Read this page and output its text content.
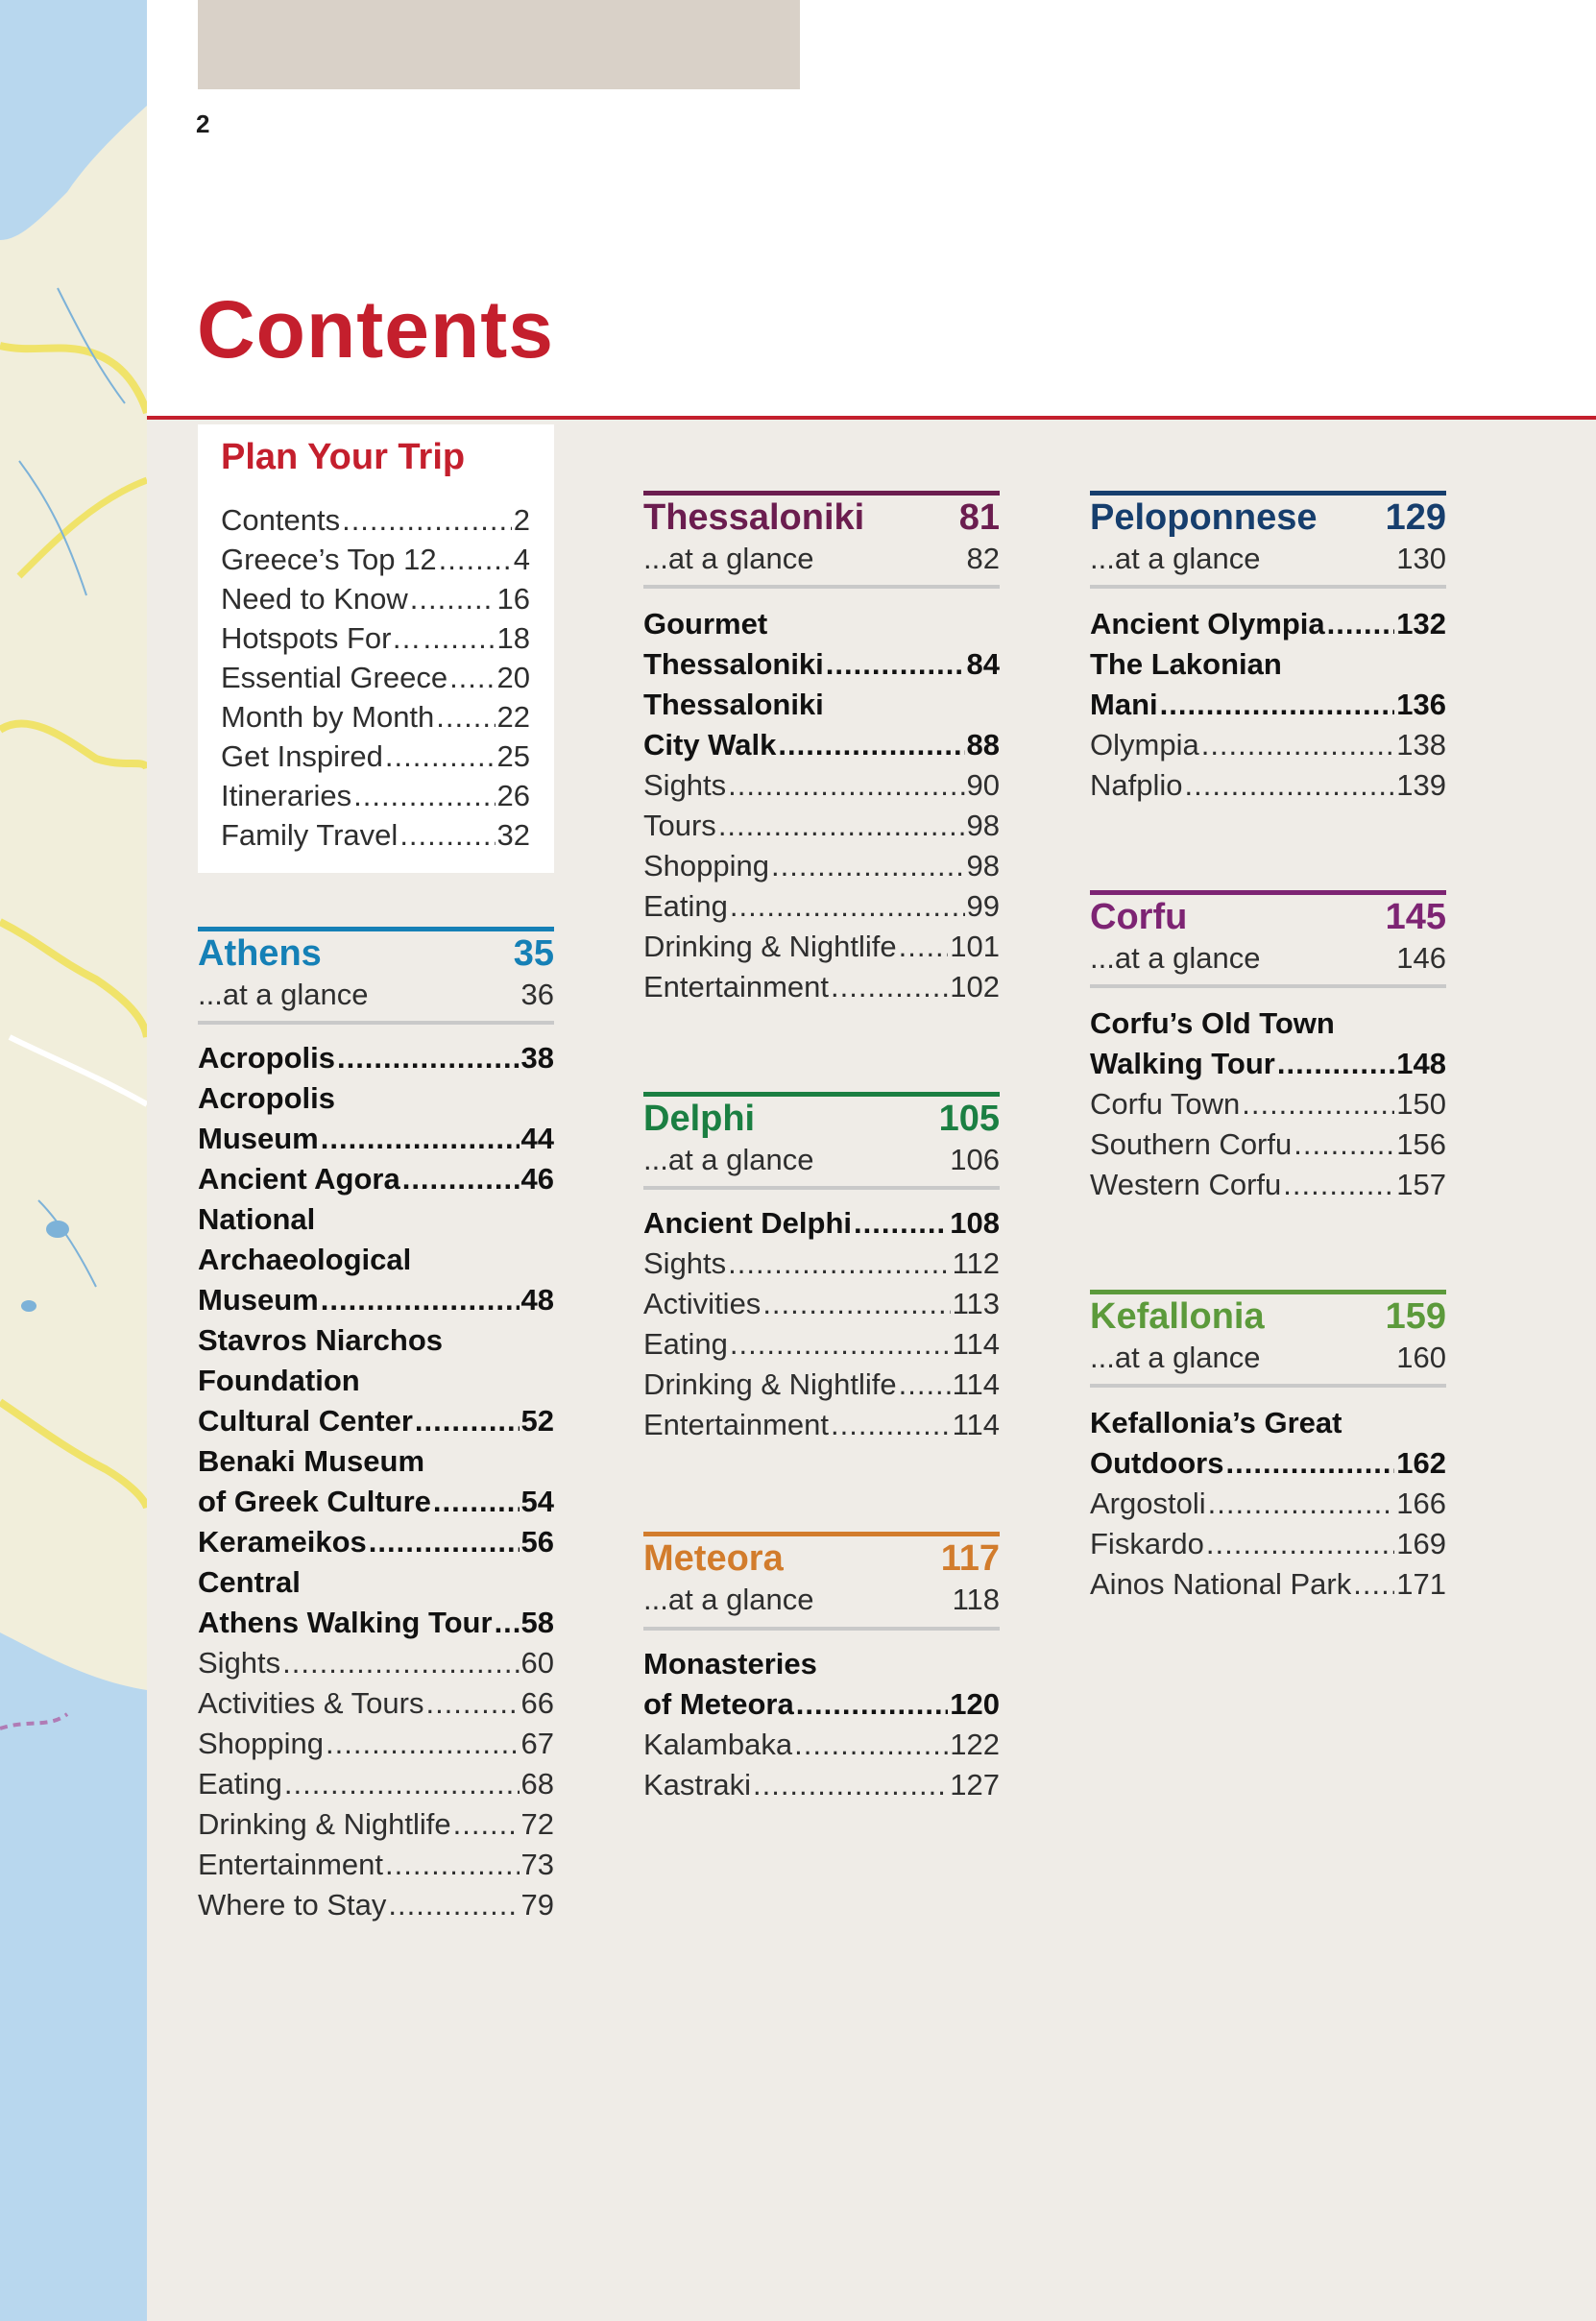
2
Contents
Plan Your Trip
Contents .....	2
Greece’s Top 12 .....	4
Need to Know .....	16
Hotspots For… .....	18
Essential Greece ..... 20
Month by Month ..... 22
Get Inspired .....	25
Itineraries .....	26
Family Travel .....	32
Athens	35
...at a glance	36
Acropolis .....	38
Acropolis
Museum .....	44
Ancient Agora .....	46
National
Archaeological
Museum .....	48
Stavros Niarchos
Foundation
Cultural Center .....	52
Benaki Museum
of Greek Culture .....	54
Kerameikos .....	56
Central
Athens Walking Tour ..... 58
Sights .....	60
Activities & Tours .....	66
Shopping .....	67
Eating .....	68
Drinking & Nightlife ..... 72
Entertainment .....	73
Where to Stay .....	79
Thessaloniki	81
...at a glance	82
Gourmet
Thessaloniki .....	84
Thessaloniki
City Walk .....	88
Sights .....	90
Tours .....	98
Shopping .....	98
Eating .....	99
Drinking & Nightlife ..... 101
Entertainment .....	102
Delphi	105
...at a glance	106
Ancient Delphi .....	108
Sights .....	112
Activities .....	113
Eating .....	114
Drinking & Nightlife ..... 114
Entertainment .....	114
Meteora	117
...at a glance	118
Monasteries
of Meteora .....	120
Kalambaka .....	122
Kastraki .....	127
Peloponnese 129
...at a glance	130
Ancient Olympia ..... 132
The Lakonian
Mani .....	136
Olympia .....	138
Nafplio .....	139
Corfu	145
...at a glance	146
Corfu’s Old Town
Walking Tour .....	148
Corfu Town .....	150
Southern Corfu .....	156
Western Corfu .....	157
Kefallonia	159
...at a glance	160
Kefallonia’s Great
Outdoors .....	162
Argostoli .....	166
Fiskardo .....	169
Ainos National Park ..... 171
